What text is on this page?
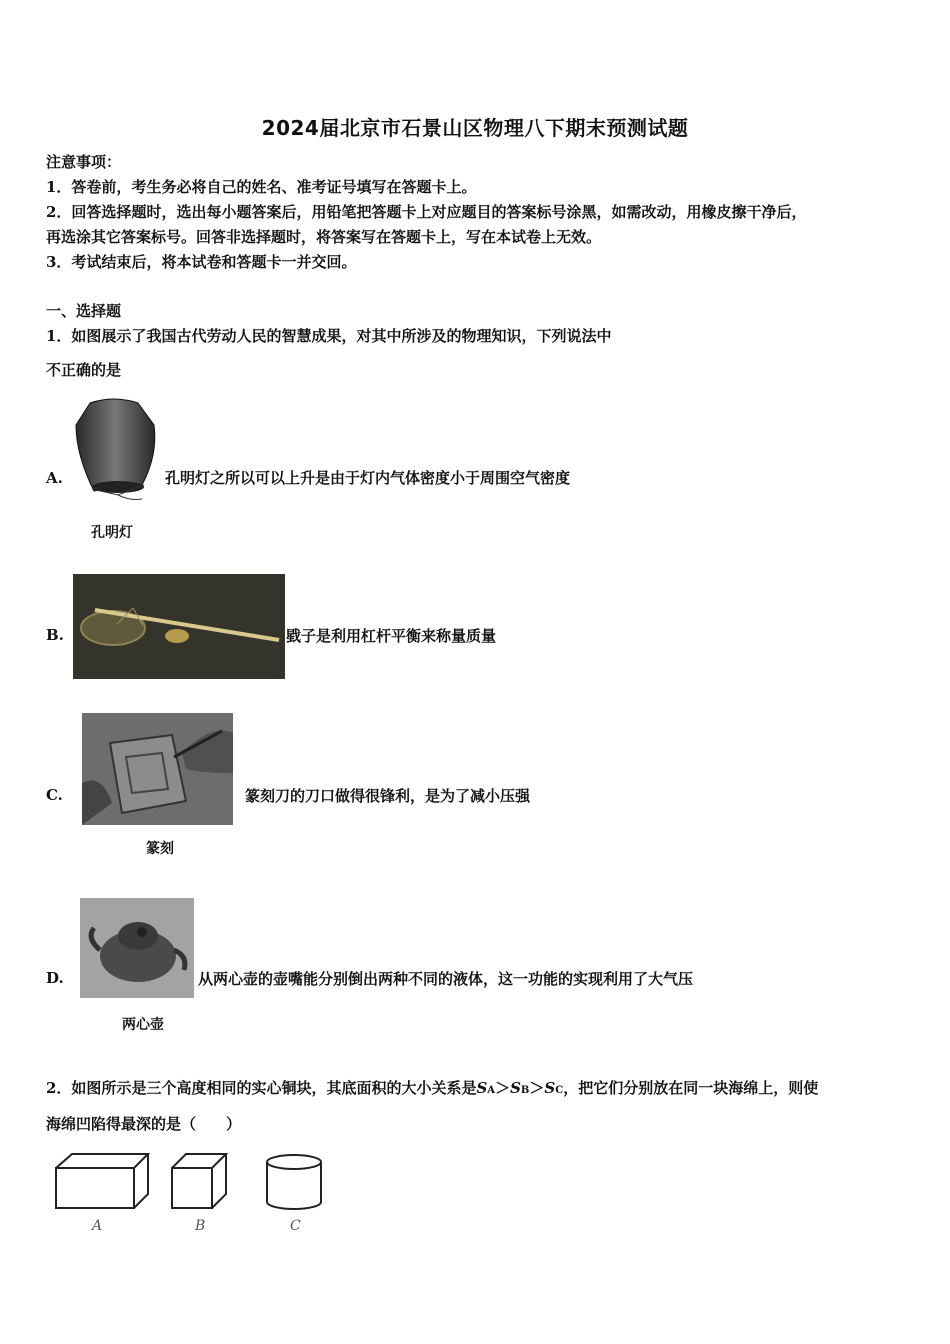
2024届北京市石景山区物理八下期末预测试题
注意事项：
1．答卷前，考生务必将自己的姓名、准考证号填写在答题卡上。
2．回答选择题时，选出每小题答案后，用铅笔把答题卡上对应题目的答案标号涂黑，如需改动，用橡皮擦干净后，
再选涂其它答案标号。回答非选择题时，将答案写在答题卡上，写在本试卷上无效。
3．考试结束后，将本试卷和答题卡一并交回。
一、选择题
1．如图展示了我国古代劳动人民的智慧成果，对其中所涉及的物理知识，下列说法中
不正确的是
A.
孔明灯
孔明灯之所以可以上升是由于灯内气体密度小于周围空气密度
B.	戥子是利用杠杆平衡来称量质量
C.
篆刻
篆刻刀的刀口做得很锋利，是为了减小压强
D.
两心壶
从两心壶的壶嘴能分别倒出两种不同的液体，这一功能的实现利用了大气压
2．如图所示是三个高度相同的实心铜块，其底面积的大小关系是SA＞SB＞SC，把它们分别放在同一块海绵上，则使
海绵凹陷得最深的是（　　）
A	B	C
